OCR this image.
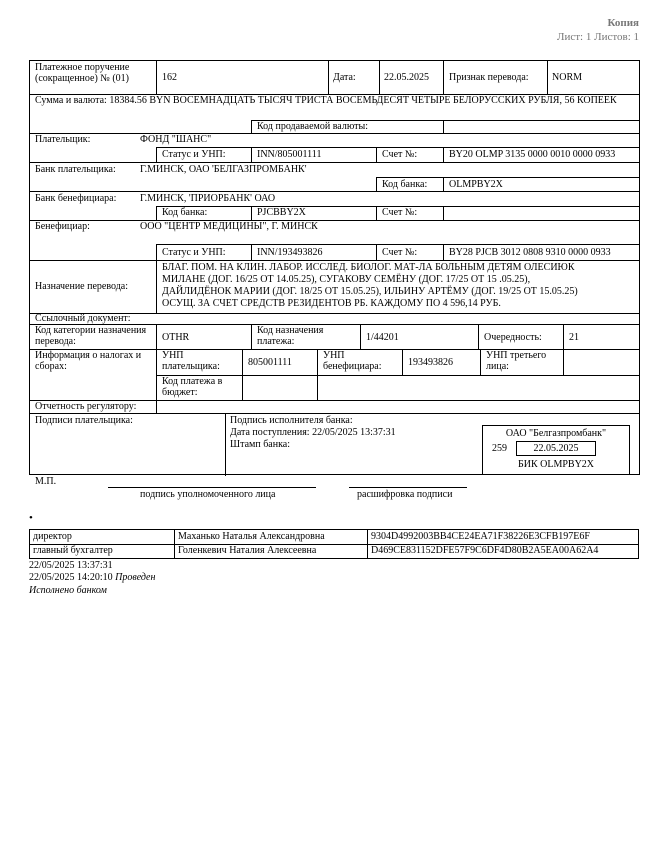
Копия
Лист: 1 Листов: 1
Платежное поручение (сокращенное) № (01)	162	Дата:	22.05.2025 Признак перевода: NORM
Сумма и валюта: 18384.56 BYN ВОСЕМНАДЦАТЬ ТЫСЯЧ ТРИСТА ВОСЕМЬДЕСЯТ ЧЕТЫРЕ БЕЛОРУССКИХ РУБЛЯ, 56 КОПЕЕК
Код продаваемой валюты:
Плательщик:	ФОНД "ШАНС"
Статус и УНП:	INN/805001111	Счет №:	BY20 OLMP 3135 0000 0010 0000 0933
Банк плательщика: Г.МИНСК, ОАО 'БЕЛГАЗПРОМБАНК'
Код банка: OLMPBY2X
Банк бенефициара: Г.МИНСК, 'ПРИОРБАНК' ОАО
Код банка:	PJCBBY2X	Счет №:
Бенефициар:	ООО "ЦЕНТР МЕДИЦИНЫ", Г. МИНСК
Статус и УНП:	INN/193493826	Счет №:	BY28 PJCB 3012 0808 9310 0000 0933
Назначение перевода:
БЛАГ. ПОМ. НА КЛИН. ЛАБОР. ИССЛЕД. БИОЛОГ. МАТ-ЛА БОЛЬНЫМ ДЕТЯМ ОЛЕСИЮК
МИЛАНЕ (ДОГ. 16/25 ОТ 14.05.25), СУГАКОВУ СЕМЁНУ (ДОГ. 17/25 ОТ 15 .05.25),
ДАЙЛИДЁНОК МАРИИ (ДОГ. 18/25 ОТ 15.05.25), ИЛЬИНУ АРТЁМУ (ДОГ. 19/25 ОТ 15.05.25)
ОСУЩ. ЗА СЧЕТ СРЕДСТВ РЕЗИДЕНТОВ РБ. КАЖДОМУ ПО 4 596,14 РУБ.
Ссылочный документ:
Код категории назначения перевода:	OTHR
Код назначения платежа:	1/44201	Очередность:	21
Информация о налогах и сборах:
УНП плательщика:	805001111
УНП бенефициара:	193493826
УНП третьего лица:
Код платежа в бюджет:
Отчетность регулятору:
Подписи плательщика:	Подпись исполнителя банка:
Дата поступления: 22/05/2025 13:37:31
Штамп банка:
ОАО "Белгазпромбанк"
259	22.05.2025
БИК OLMPBY2X
М.П.
подпись уполномоченного лица	расшифровка подписи
•
директор	Маханько Наталья Александровна	9304D4992003BB4CE24EA71F38226E3CFB197E6F
главный бухгалтер	Голенкевич Наталия Алексеевна	D469CE831152DFE57F9C6DF4D80B2A5EA00A62A4
22/05/2025 13:37:31
22/05/2025 14:20:10 Проведен
Исполнено банком
